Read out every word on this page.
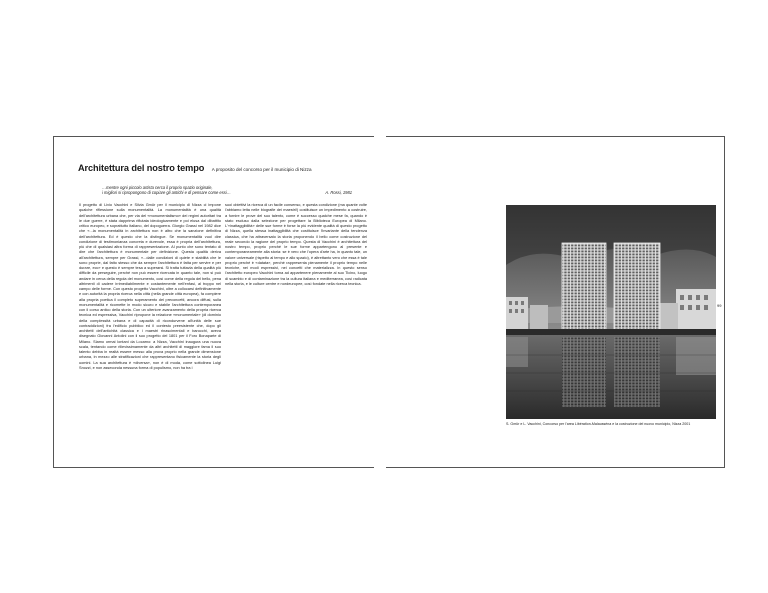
Architettura del nostro tempo A proposito del concorso per il municipio di Nizza
…mentre ogni piccolo artista cerca il proprio spazio originale,
i migliori si ripropongono di copiare gli antichi e di pensare come essi…	A. Rossi, 1981

Il progetto di Livio Vacchini e Silvia Gmür per il municipio di Nizza ci impone qualche riflessione sulla monumentalità. La monumentalità è una qualità dell'architettura urbana che, per via del «monumentalismo» dei regimi autoritari tra le due guerre, è stata dapprima rifiutata ideologicamente e poi elusa dal dibattito critico europeo, e soprattutto italiano, del dopoguerra. Giorgio Grassi nel 1982 dice che «...la monumentalità in architettura non è altro che la sanzione definitiva dell'architettura. Ed è questo che la distingue. Se monumentalità vuol dire condizione di testimonianza concreta e durevole, essa è propria dell'architettura, più che di qualsiasi altra forma di rappresentazione. Al punto che sono tentato di dire che l'architettura è monumentale per definizione. Questa qualità deriva all'architettura, sempre per Grassi, «...dalle condizioni di quiete e stabilità che le sono proprie, dal fatto stesso che da sempre l'architettura è fatta per servire e per durare, ecc» e questo è sempre tesa a superarsi. Si tratta tuttavia della qualità più difficile da perseguire, perché non può essere ricercata in quanto tale, non si può andare in cerca della regola del monumento, così come della regola del bello, pena altrimenti di cadere irrimediabilmente e costantemente nell'enfasi, al troppo nel campo delle forme. Con questo progetto Vacchini, oltre a collocarsi definitivamente e con autorità la propria ricerca nella città (nella grande città europea), fa compiere alla propria poetica il completo superamento dei preconcetti, ancora diffusi, sulla monumentalità e ricomette in modo sicuro e stabile l'architettura contemporanea con il corso antico della storia. Con un ulteriore avanzamento della propria ricerca tecnica ed espressiva, Vacchini ripropone la relazione «monumentale» (di dominio della complessità urbana e di capacità di ricondurvene all'unità delle sue contraddizioni) fra l'edificio pubblico ed il contesto preesistente che, dopo gli architetti dell'antichità classica e i maestri rinascimentali e barocchi, aveva disegnato Giovanni Antolini con il suo progetto del 1801 per il Foro Bonaparte di Milano. Siamo ormai lontani da Locarno: a Nizza, Vacchini inaugura una nuova scala, tentando come rilievissimamente da altri architetti di maggiore fama il suo talento debba in realtà essere messo alla prova proprio nella grande dimensione urbana, in mezzo alle stratificazioni che rappresentano fisicamente la storia degli uomini. La sua architettura è «diversa», non è di moda, come sottolinea Luigi Snozzi, e non asseconda nessuna forma di populismo, non ha tra i

suoi obiettivi la ricerca di un facile consenso, e questa condizione (ma quante volte l'abbiamo letta nelle biografie dei maestri!) costituisce un impedimento a costruire, a fornire le prove del suo talento, come è successo qualche mese fa, quando è stato escluso dalla selezione per progettare la Biblioteca Europea di Milano. L'«inattaggibilità» delle sue forme è forse la più evidente qualità di questo progetto di Nizza, quella stessa inattaggibilità che costituisce l'invariante della tendenza classica, che ha attraversato la storia proponendo il bello come costruzione del reale secondo la ragione del proprio tempo. Questa di Vacchini è architettura del nostro tempo, proprio perché le sue forme appartengono al presente e contemporaneamente alla storia: se è vero che l'opera d'arte ha, in quanto tale, un valore universale (rispetto al tempo e allo spazio), è altrettanto vero che essa è tale proprio perché è «datata», perché rappresenta pienamente il proprio tempo nelle tecniche, nei modi espressivi, nei concetti che materializza. In questo senso l'architetto europeo Vacchini torna ad appartenere pienamente al suo Ticino, luogo di scambio e di contaminazione tra la cultura italiana e mediterranea, così radicata nella storia, e le culture centre e nordeuropee, così fondate nella ricerca tecnica.

S. Gmür e L. Vacchini, Concorso per l'area Libération-Malausséna e la costruzione del nuovo municipio, Nizza 2001
99
